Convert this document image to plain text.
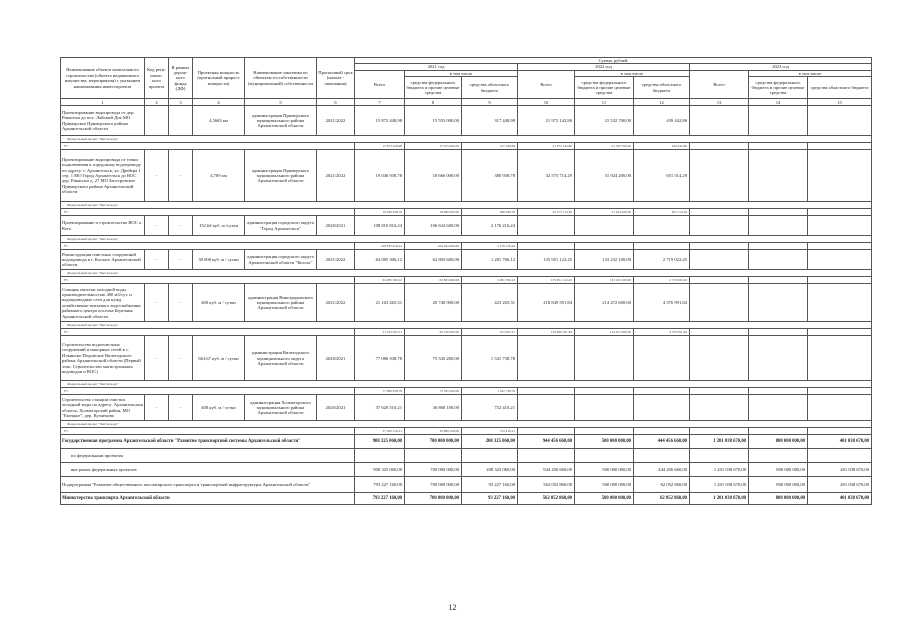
Наименование объекта капитального строительства (объекта недвижимого имущества, мероприятия) с указанием наименования инвестпроекта	Код реги-ональ-ного проекта	В рамках дорож-ного фонда (ДФ)	Проектная мощность (прогнозный прирост мощности)	Наименование заказчика по объектам госсобственности (муниципальный) собственности	Прогнозный срок (начала - окончания)	Сумма, рублей								
						2021 год			2022 год			2023 год		
						Всего	в том числе		Всего	в том числе		Всего	в том числе	
							средства федерального бюджета и прочие целевые средства	средства областного бюджета		средства федерального бюджета и прочие целевые средства	средства областного бюджета		средства федерального бюджета и прочие целевые средства	средства областного бюджета
1	2	3	4	5	6	7	8	9	10	11	12	13	14	15
Проектирование водопровода от дер. Рикасиха до пос. Лайский Док МО Приморское Приморского района Архангельской области			4,5665 км	администрация Приморского муниципального района Архангельской области	2021/2022	15 872 448,98	15 555 000,00	317 448,98	21 972 142,86	21 532 700,00	439 442,86			
Федеральный проект "Чистая вода"														
F5						15 872 448,98	15 555 000,00	317 448,98	21 972 142,86	21 532 700,00	439 442,86			
Проектирование водопровода от точки подключения к городскому водопроводу по адресу: г. Архангельск, ул. Дрейера 1 стр. 1 МО Город Архангельск до ВОС дер. Рикасиха д. 27 МО Заостровское Приморского района Архангельской области	-	-	4,709 км	администрация Приморского муниципального района Архангельской области	2021/2022	19 046 938,78	18 666 000,00	380 938,78	32 575 714,29	31 924 200,00	651 514,29			
Федеральный проект "Чистая вода"														
F5						19 046 938,78	18 666 000,00	380 938,78	32 575 714,29	31 924 200,00	651 514,29			
Проектирование и строительство ВОС о. Кего	-	-	152,64 куб. м /сутки	администрация городского округа "Город Архангельск"	2020/2021	108 810 816,24	106 634 600,00	2 176 216,24						
Федеральный проект "Чистая вода"														
F5						108 810 816,24	106 634 600,00	2 176 216,24						
Реконструкция очистных сооружений водопровода в г. Котласе Архангельской области	-	-	30 000 куб. м / сутки	администрация городского округа Архангельской области "Котлас"	2021/2022	64 085 306,12	62 803 600,00	1 281 706,12	135 951 122,45	133 232 100,00	2 719 022,45			
Федеральный проект "Чистая вода"														
F5						64 085 306,12	62 803 600,00	1 281 706,12	135 951 122,45	133 232 100,00	2 719 022,45			
Станция очистки холодной воды производительностью 400 м3/сут. и водопроводные сети для нужд хозяйственно-питьевого водоснабжения районного центра поселка Березник Архангельской области	-	-	400 куб. м / сутки	администрация Виноградовского муниципального района Архангельской области	2021/2022	21 163 265,31	20 740 000,00	423 265,31	218 849 591,84	214 472 600,00	4 376 991,84			
Федеральный проект "Чистая вода"														
F5						21 163 265,31	20 740 000,00	423 265,31	218 849 591,84	214 472 600,00	4 376 991,84			
Строительство водоочистных сооружений и напорных сетей в с. Ильинско-Подомское Вилегодского района Архангельской области (Первый этап. Строительство магистральных водоводов и ВОС)	-	-	663,67 куб. м / сутки	администрация Вилегодского муниципального округа Архангельской области	2020/2021	77 086 938,78	75 545 200,00	1 541 738,78						
Федеральный проект "Чистая вода"														
F5						77 086 938,78	75 545 200,00	1 541 738,78						
Строительство станции очистки холодной воды по адресу: Архангельская область, Холмогорский район, МО "Емецкое", дер. Кузнецово	-	-	408 куб. м / сутки	администрация Холмогорского муниципального района Архангельской области	2020/2021	37 620 510,21	36 868 100,00	752 410,21						
Федеральный проект "Чистая вода"														
F5						37 620 510,21	36 868 100,00	752 410,21						
Государственная программа Архангельской области "Развитие транспортной системы Архангельской области"						908 325 060,00	700 000 000,00	208 325 060,00	944 456 660,00	500 000 000,00	444 456 660,00	1 201 038 670,00	800 000 000,00	401 038 670,00
по федеральным проектам														
вне рамок федеральных проектов						908 325 060,00	700 000 000,00	208 325 060,00	944 456 660,00	500 000 000,00	444 456 660,00	1 201 038 670,00	800 000 000,00	401 038 670,00
Подпрограмма "Развитие общественного пассажирского транспорта и транспортной инфраструктуры Архангельской области"						793 227 160,00	700 000 000,00	93 227 160,00	562 052 860,00	500 000 000,00	62 052 860,00	1 201 038 670,00	800 000 000,00	401 038 670,00
Министерство транспорта Архангельской области						793 227 160,00	700 000 000,00	93 227 160,00	562 052 860,00	500 000 000,00	62 052 860,00	1 201 038 670,00	800 000 000,00	401 038 670,00
12
